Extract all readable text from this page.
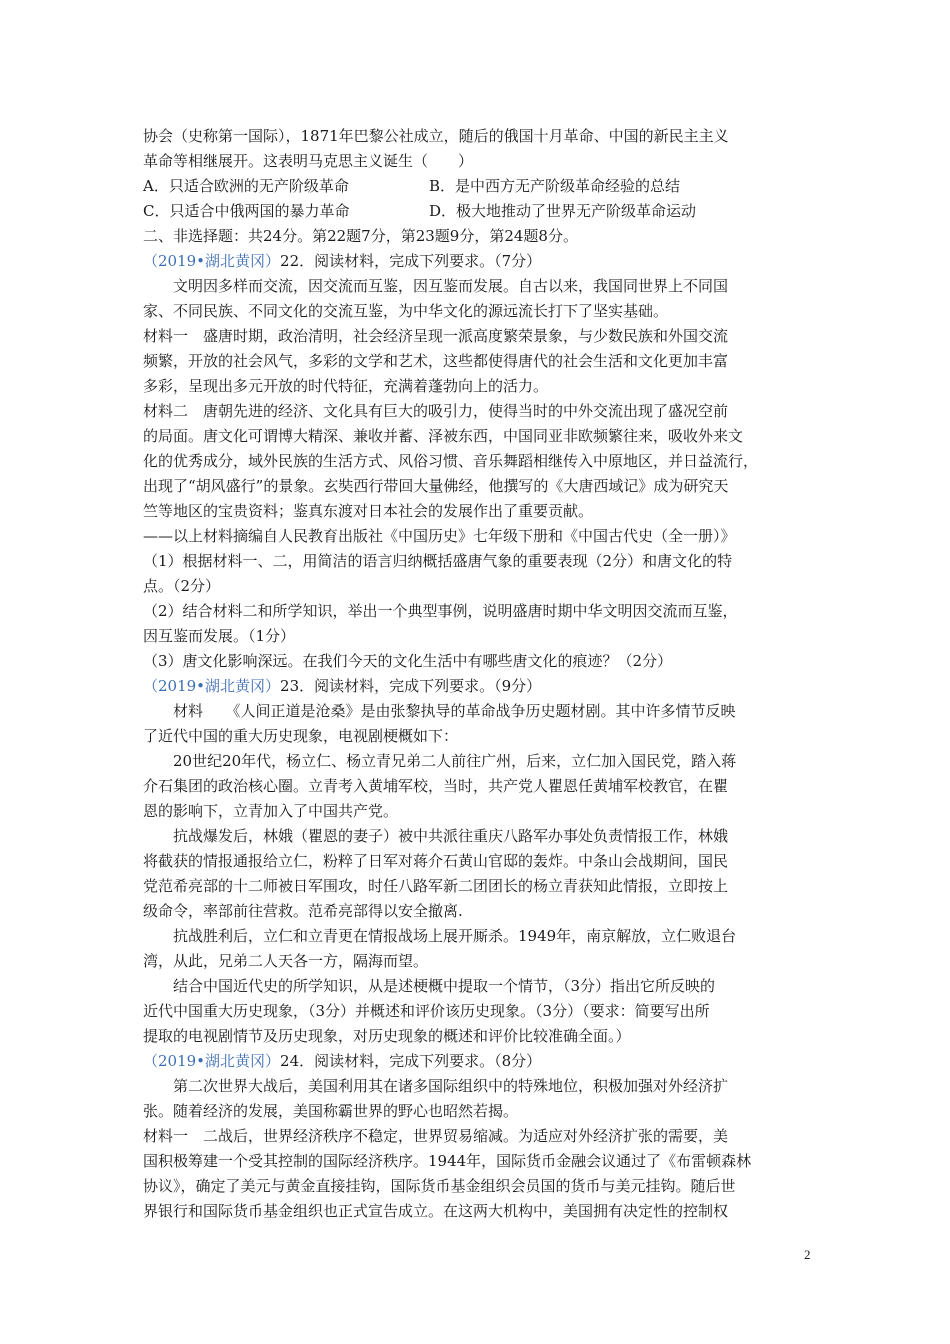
协会（史称第一国际），1871年巴黎公社成立，随后的俄国十月革命、中国的新民主主义
革命等相继展开。这表明马克思主义诞生（　　）
A．只适合欧洲的无产阶级革命	B．是中西方无产阶级革命经验的总结
C．只适合中俄两国的暴力革命	D．极大地推动了世界无产阶级革命运动
二、非选择题：共24分。第22题7分，第23题9分，第24题8分。
（2019•湖北黄冈）22．阅读材料，完成下列要求。（7分）
文明因多样而交流，因交流而互鉴，因互鉴而发展。自古以来，我国同世界上不同国
家、不同民族、不同文化的交流互鉴，为中华文化的源远流长打下了坚实基础。
材料一　盛唐时期，政治清明，社会经济呈现一派高度繁荣景象，与少数民族和外国交流
频繁，开放的社会风气，多彩的文学和艺术，这些都使得唐代的社会生活和文化更加丰富
多彩，呈现出多元开放的时代特征，充满着蓬勃向上的活力。
材料二　唐朝先进的经济、文化具有巨大的吸引力，使得当时的中外交流出现了盛况空前
的局面。唐文化可谓博大精深、兼收并蓄、泽被东西，中国同亚非欧频繁往来，吸收外来文
化的优秀成分，域外民族的生活方式、风俗习惯、音乐舞蹈相继传入中原地区，并日益流行，
出现了“胡风盛行”的景象。玄奘西行带回大量佛经，他撰写的《大唐西域记》成为研究天
竺等地区的宝贵资料；鉴真东渡对日本社会的发展作出了重要贡献。
——以上材料摘编自人民教育出版社《中国历史》七年级下册和《中国古代史（全一册）》
（1）根据材料一、二，用简洁的语言归纳概括盛唐气象的重要表现（2分）和唐文化的特
点。（2分）
（2）结合材料二和所学知识，举出一个典型事例，说明盛唐时期中华文明因交流而互鉴，
因互鉴而发展。（1分）
（3）唐文化影响深远。在我们今天的文化生活中有哪些唐文化的痕迹？（2分）
（2019•湖北黄冈）23．阅读材料，完成下列要求。（9分）
材料　　《人间正道是沧桑》是由张黎执导的革命战争历史题材剧。其中许多情节反映
了近代中国的重大历史现象，电视剧梗概如下：
20世纪20年代，杨立仁、杨立青兄弟二人前往广州，后来，立仁加入国民党，踏入蒋
介石集团的政治核心圈。立青考入黄埔军校，当时，共产党人瞿恩任黄埔军校教官，在瞿
恩的影响下，立青加入了中国共产党。
抗战爆发后，林娥（瞿恩的妻子）被中共派往重庆八路军办事处负责情报工作，林娥
将截获的情报通报给立仁，粉粹了日军对蒋介石黄山官邸的轰炸。中条山会战期间，国民
党范希亮部的十二师被日军围攻，时任八路军新二团团长的杨立青获知此情报，立即按上
级命令，率部前往营救。范希亮部得以安全撤离.
抗战胜利后，立仁和立青更在情报战场上展开厮杀。1949年，南京解放，立仁败退台
湾，从此，兄弟二人天各一方，隔海而望。
结合中国近代史的所学知识，从是述梗概中提取一个情节，（3分）指出它所反映的
近代中国重大历史现象，（3分）并概述和评价该历史现象。（3分）（要求：简要写出所
提取的电视剧情节及历史现象，对历史现象的概述和评价比较准确全面。）
（2019•湖北黄冈）24．阅读材料，完成下列要求。（8分）
第二次世界大战后，美国利用其在诸多国际组织中的特殊地位，积极加强对外经济扩
张。随着经济的发展，美国称霸世界的野心也昭然若揭。
材料一　二战后，世界经济秩序不稳定，世界贸易缩减。为适应对外经济扩张的需要，美
国积极筹建一个受其控制的国际经济秩序。1944年，国际货币金融会议通过了《布雷顿森林
协议》，确定了美元与黄金直接挂钩，国际货币基金组织会员国的货币与美元挂钩。随后世
界银行和国际货币基金组织也正式宣告成立。在这两大机构中，美国拥有决定性的控制权
2
